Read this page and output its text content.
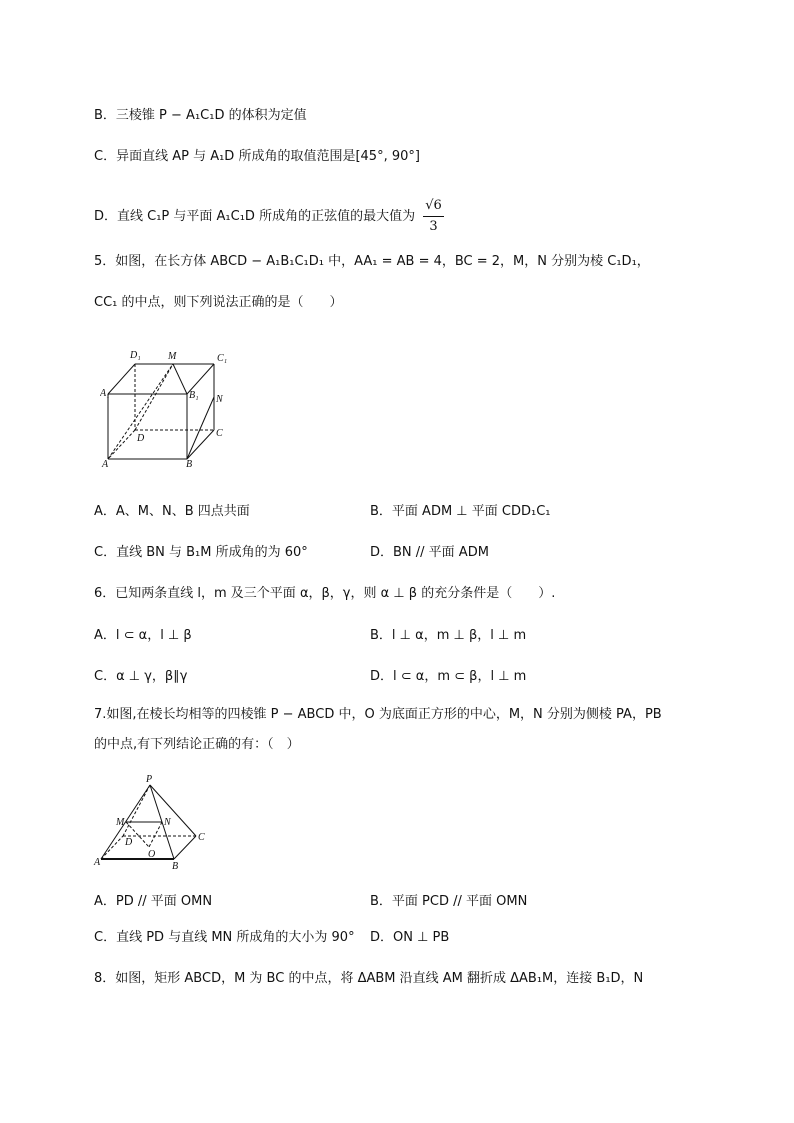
B．三棱锥 P − A₁C₁D 的体积为定值
C．异面直线 AP 与 A₁D 所成角的取值范围是[45°, 90°]
D．直线 C₁P 与平面 A₁C₁D 所成角的正弦值的最大值为 $\frac{√6}{3}$
5．如图，在长方体 ABCD − A₁B₁C₁D₁ 中，AA₁ = AB = 4，BC = 2，M，N 分别为棱 C₁D₁，
CC₁ 的中点，则下列说法正确的是（　　）
D₁	M	C₁
A₁	B₁ N
D	C
A	B
A．A、M、N、B 四点共面	B．平面 ADM ⊥ 平面 CDD₁C₁
C．直线 BN 与 B₁M 所成角的为 60°	D．BN // 平面 ADM
6．已知两条直线 l，m 及三个平面 α，β，γ，则 α ⊥ β 的充分条件是（　　）.
A．l ⊂ α，l ⊥ β	B．l ⊥ α，m ⊥ β，l ⊥ m
C．α ⊥ γ，β∥γ	D．l ⊂ α，m ⊂ β，l ⊥ m
7.如图,在棱长均相等的四棱锥 P − ABCD 中，O 为底面正方形的中心，M，N 分别为侧棱 PA，PB
的中点,有下列结论正确的有：（　）
P
M	N
C
D
O
A	B
A．PD // 平面 OMN	B．平面 PCD // 平面 OMN
C．直线 PD 与直线 MN 所成角的大小为 90° D．ON ⊥ PB
8．如图，矩形 ABCD，M 为 BC 的中点，将 ΔABM 沿直线 AM 翻折成 ΔAB₁M，连接 B₁D，N
